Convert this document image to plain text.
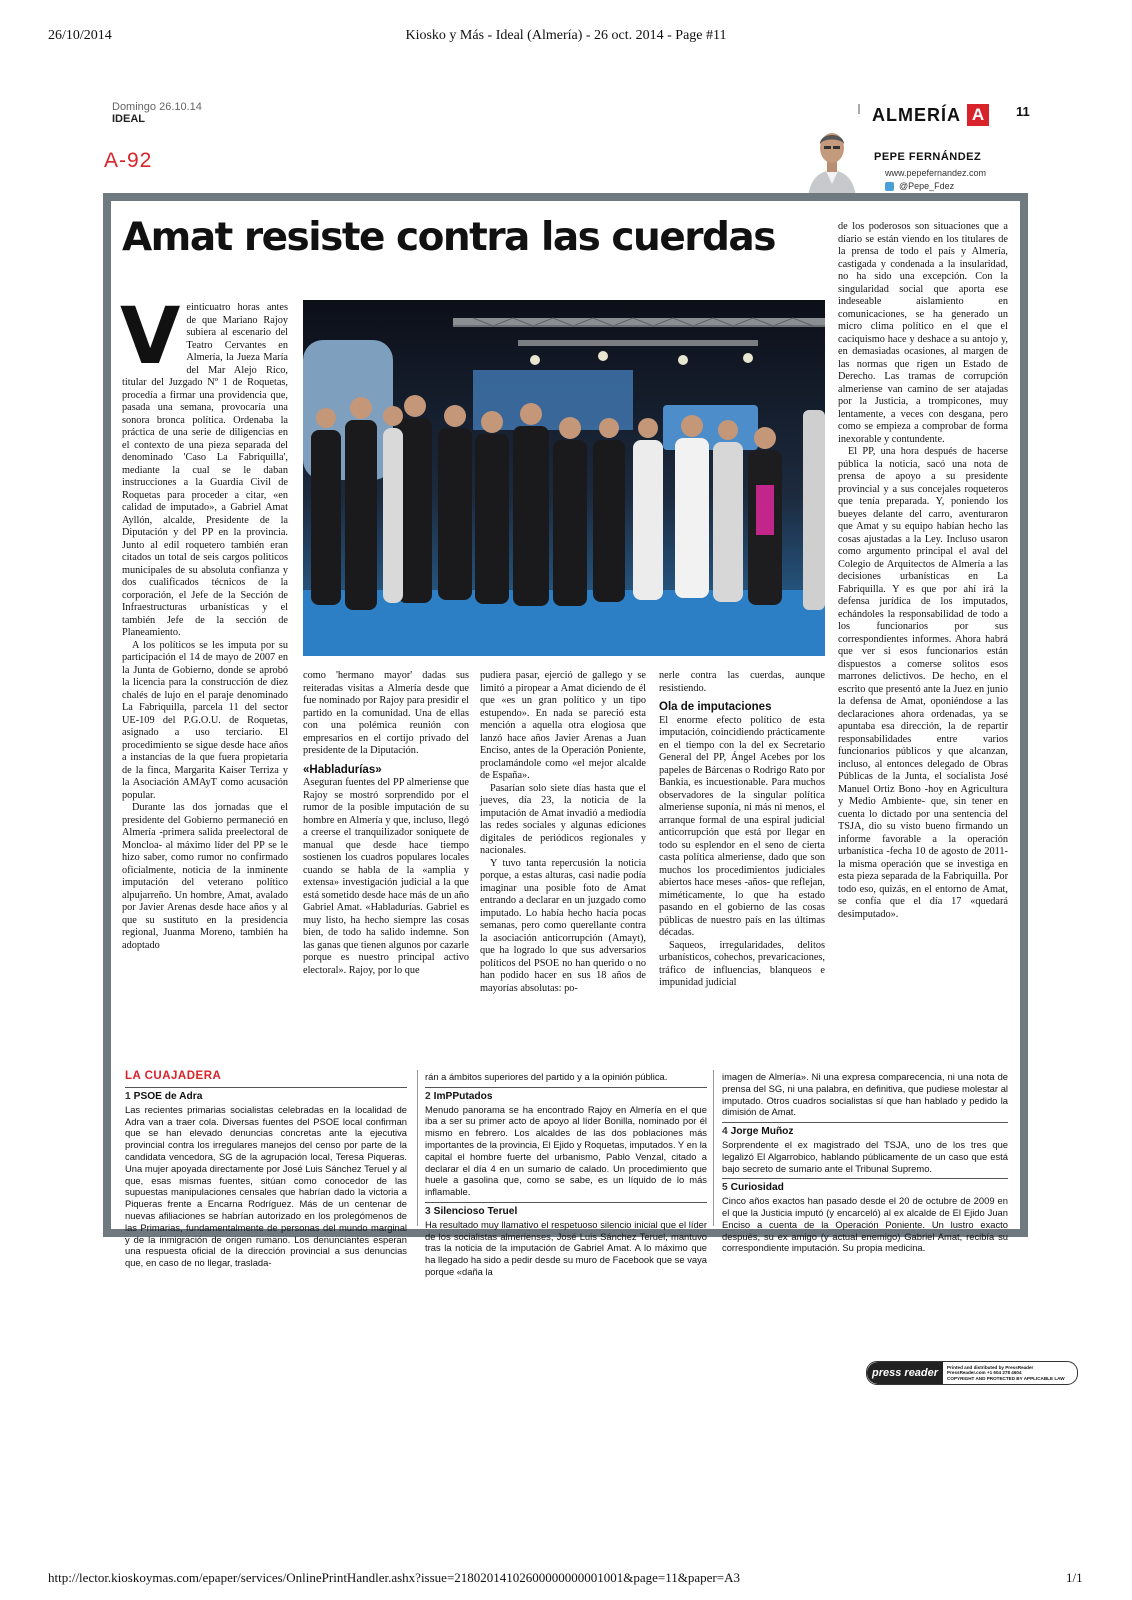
26/10/2014	Kiosko y Más - Ideal (Almería) - 26 oct. 2014 - Page #11
Domingo 26.10.14
IDEAL
A-92
ALMERÍA A	11
PEPE FERNÁNDEZ
www.pepefernandez.com
@Pepe_Fdez
Amat resiste contra las cuerdas
V einticuatro horas antes de que Mariano Rajoy subiera al escenario del Teatro Cervantes en Almería, la Jueza María del Mar Alejo Rico, titular del Juzgado Nº 1 de Roquetas, procedía a firmar una providencia que, pasada una semana, provocaría una sonora bronca política. Ordenaba la práctica de una serie de diligencias en el contexto de una pieza separada del denominado 'Caso La Fabriquilla', mediante la cual se le daban instrucciones a la Guardia Civil de Roquetas para proceder a citar, «en calidad de imputado», a Gabriel Amat Ayllón, alcalde, Presidente de la Diputación y del PP en la provincia. Junto al edil roquetero también eran citados un total de seis cargos politicos municipales de su absoluta confianza y dos cualificados técnicos de la corporación, el Jefe de la Sección de Infraestructuras urbanísticas y el también Jefe de la sección de Planeamiento.

A los políticos se les imputa por su participación el 14 de mayo de 2007 en la Junta de Gobierno, donde se aprobó la licencia para la construcción de diez chalés de lujo en el paraje denominado La Fabriquilla, parcela 11 del sector UE-109 del P.G.O.U. de Roquetas, asignado a uso terciario. El procedimiento se sigue desde hace años a instancias de la que fuera propietaria de la finca, Margarita Kaiser Terriza y la Asociación AMAyT como acusación popular.

Durante las dos jornadas que el presidente del Gobierno permaneció en Almería -primera salida preelectoral de Moncloa- al máximo líder del PP se le hizo saber, como rumor no confirmado oficialmente, noticia de la inminente imputación del veterano político alpujarreño. Un hombre, Amat, avalado por Javier Arenas desde hace años y al que su sustituto en la presidencia regional, Juanma Moreno, también ha adoptado

como 'hermano mayor' dadas sus reiteradas visitas a Almería desde que fue nominado por Rajoy para presidir el partido en la comunidad. Una de ellas con una polémica reunión con empresarios en el cortijo privado del presidente de la Diputación.

«Habladurías»

Aseguran fuentes del PP almeriense que Rajoy se mostró sorprendido por el rumor de la posible imputación de su hombre en Almería y que, incluso, llegó a creerse el tranquilizador soniquete de manual que desde hace tiempo sostienen los cuadros populares locales cuando se habla de la «amplia y extensa» investigación judicial a la que está sometido desde hace más de un año Gabriel Amat. «Habladurías. Gabriel es muy listo, ha hecho siempre las cosas bien, de todo ha salido indemne. Son las ganas que tienen algunos por cazarle porque es nuestro principal activo electoral». Rajoy, por lo que

pudiera pasar, ejerció de gallego y se limitó a piropear a Amat diciendo de él que «es un gran político y un tipo estupendo». En nada se pareció esta mención a aquella otra elogiosa que lanzó hace años Javier Arenas a Juan Enciso, antes de la Operación Poniente, proclamándole como «el mejor alcalde de España».

Pasarían solo siete días hasta que el jueves, día 23, la noticia de la imputación de Amat invadió a mediodía las redes sociales y algunas ediciones digitales de periódicos regionales y nacionales.

Y tuvo tanta repercusión la noticia porque, a estas alturas, casi nadie podía imaginar una posible foto de Amat entrando a declarar en un juzgado como imputado. Lo había hecho hacía pocas semanas, pero como querellante contra la asociación anticorrupción (Amayt), que ha logrado lo que sus adversarios políticos del PSOE no han querido o no han podido hacer en sus 18 años de mayorías absolutas: po-

nerle contra las cuerdas, aunque resistiendo.

Ola de imputaciones

El enorme efecto político de esta imputación, coincidiendo prácticamente en el tiempo con la del ex Secretario General del PP, Ángel Acebes por los papeles de Bárcenas o Rodrigo Rato por Bankia, es incuestionable. Para muchos observadores de la singular política almeriense suponía, ni más ni menos, el arranque formal de una espiral judicial anticorrupción que está por llegar en todo su esplendor en el seno de cierta casta política almeriense, dado que son muchos los procedimientos judiciales abiertos hace meses -años- que reflejan, miméticamente, lo que ha estado pasando en el gobierno de las cosas públicas de nuestro país en las últimas décadas.

Saqueos, irregularidades, delitos urbanísticos, cohechos, prevaricaciones, tráfico de influencias, blanqueos e impunidad judicial

de los poderosos son situaciones que a diario se están viendo en los titulares de la prensa de todo el país y Almería, castigada y condenada a la insularidad, no ha sido una excepción. Con la singularidad social que aporta ese indeseable aislamiento en comunicaciones, se ha generado un micro clima político en el que el caciquismo hace y deshace a su antojo y, en demasiadas ocasiones, al margen de las normas que rigen un Estado de Derecho. Las tramas de corrupción almeriense van camino de ser atajadas por la Justicia, a trompicones, muy lentamente, a veces con desgana, pero como se empieza a comprobar de forma inexorable y contundente.

El PP, una hora después de hacerse pública la noticia, sacó una nota de prensa de apoyo a su presidente provincial y a sus concejales roqueteros que tenía preparada. Y, poniendo los bueyes delante del carro, aventuraron que Amat y su equipo habían hecho las cosas ajustadas a la Ley. Incluso usaron como argumento principal el aval del Colegio de Arquitectos de Almería a las decisiones urbanísticas en La Fabriquilla. Y es que por ahí irá la defensa jurídica de los imputados, echándoles la responsabilidad de todo a los funcionarios por sus correspondientes informes. Ahora habrá que ver si esos funcionarios están dispuestos a comerse solitos esos marrones delictivos. De hecho, en el escrito que presentó ante la Juez en junio la defensa de Amat, oponiéndose a las declaraciones ahora ordenadas, ya se apuntaba esa dirección, la de repartir responsabilidades entre varios funcionarios públicos y que alcanzan, incluso, al entonces delegado de Obras Públicas de la Junta, el socialista José Manuel Ortiz Bono -hoy en Agricultura y Medio Ambiente- que, sin tener en cuenta lo dictado por una sentencia del TSJA, dio su visto bueno firmando un informe favorable a la operación urbanística -fecha 10 de agosto de 2011- la misma operación que se investiga en esta pieza separada de la Fabriquilla. Por todo eso, quizás, en el entorno de Amat, se confía que el día 17 «quedará desimputado».

LA CUAJADERA
1 PSOE de Adra

Las recientes primarias socialistas celebradas en la localidad de Adra van a traer cola. Diversas fuentes del PSOE local confirman que se han elevado denuncias concretas ante la ejecutiva provincial contra los irregulares manejos del censo por parte de la candidata vencedora, SG de la agrupación local, Teresa Piqueras. Una mujer apoyada directamente por José Luis Sánchez Teruel y al que, esas mismas fuentes, sitúan como conocedor de las supuestas manipulaciones censales que habrían dado la victoria a Piqueras frente a Encarna Rodríguez. Más de un centenar de nuevas afiliaciones se habrían autorizado en los prolegómenos de las Primarias, fundamentalmente de personas del mundo marginal y de la inmigración de origen rumano. Los denunciantes esperan una respuesta oficial de la dirección provincial a sus denuncias que, en caso de no llegar, traslada-

rán a ámbitos superiores del partido y a la opinión pública.

2 ImPPutados

Menudo panorama se ha encontrado Rajoy en Almería en el que iba a ser su primer acto de apoyo al líder Bonilla, nominado por él mismo en febrero. Los alcaldes de las dos poblaciones más importantes de la provincia, El Ejido y Roquetas, imputados. Y en la capital el hombre fuerte del urbanismo, Pablo Venzal, citado a declarar el día 4 en un sumario de calado. Un procedimiento que huele a gasolina que, como se sabe, es un líquido de lo más inflamable.

3 Silencioso Teruel

Ha resultado muy llamativo el respetuoso silencio inicial que el líder de los socialistas almerienses, José Luis Sánchez Teruel, mantuvo tras la noticia de la imputación de Gabriel Amat. A lo máximo que ha llegado ha sido a pedir desde su muro de Facebook que se vaya porque «daña la

imagen de Almería». Ni una expresa comparecencia, ni una nota de prensa del SG, ni una palabra, en definitiva, que pudiese molestar al imputado. Otros cuadros socialistas sí que han hablado y pedido la dimisión de Amat.

4 Jorge Muñoz

Sorprendente el ex magistrado del TSJA, uno de los tres que legalizó El Algarrobico, hablando públicamente de un caso que está bajo secreto de sumario ante el Tribunal Supremo.

5 Curiosidad

Cinco años exactos han pasado desde el 20 de octubre de 2009 en el que la Justicia imputó (y encarceló) al ex alcalde de El Ejido Juan Enciso a cuenta de la Operación Poniente. Un lustro exacto después, su ex amigo (y actual enemigo) Gabriel Amat, recibía su correspondiente imputación. Su propia medicina.

press reader	Printed and distributed by PressReader
PressReader.com +1 604 278 4604
COPYRIGHT AND PROTECTED BY APPLICABLE LAW
http://lector.kioskoymas.com/epaper/services/OnlinePrintHandler.ashx?issue=21802014102600000000001001&page=11&paper=A3	1/1
